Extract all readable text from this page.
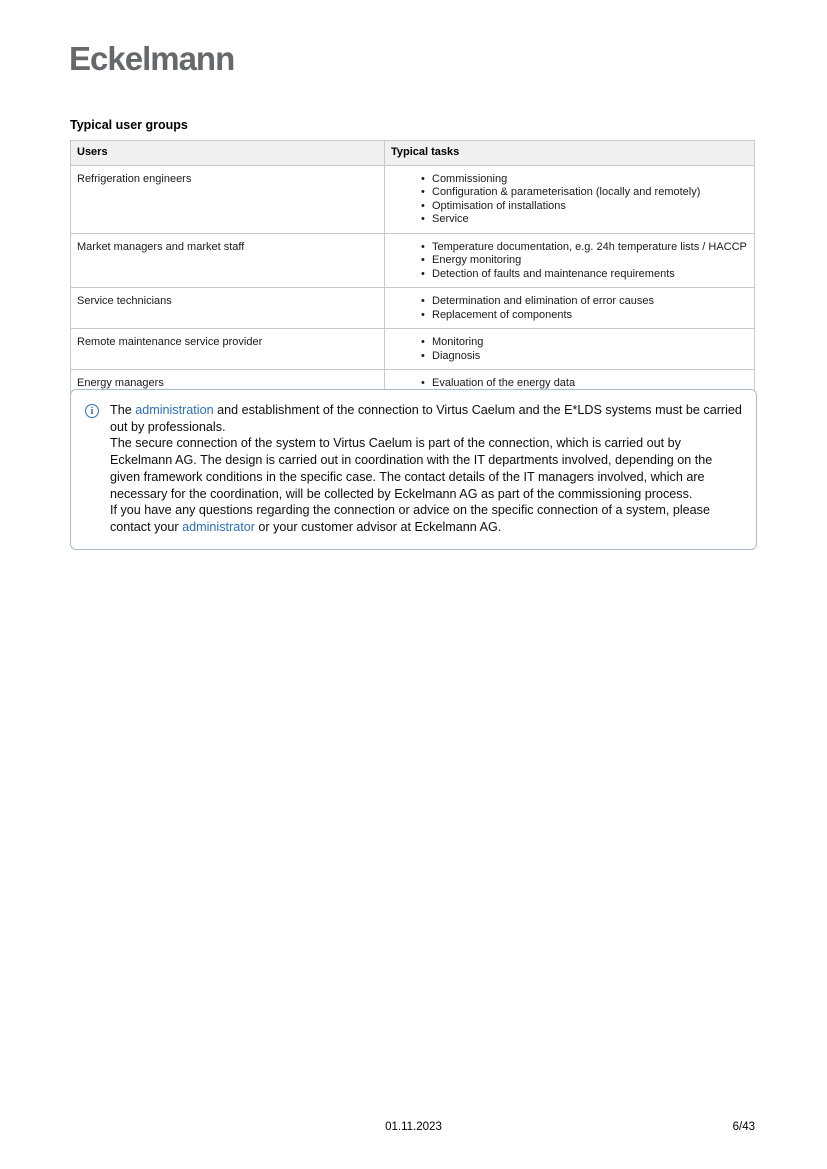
Eckelmann
Typical user groups
Users	Typical tasks
Refrigeration engineers	
•Commissioning
• Configuration & parameterisation (locally and remotely)
• Optimisation of installations
• Service

Market managers and market staff	
•Temperature documentation, e.g. 24h temperature lists / HACCP
• Energy monitoring
• Detection of faults and maintenance requirements

Service technicians	
•Determination and elimination of error causes
• Replacement of components

Remote maintenance service provider	
•Monitoring
• Diagnosis

Energy managers	
•Evaluation of the energy data
i	The administration and establishment of the connection to Virtus Caelum and the E*LDS systems must be carried out by professionals.

The secure connection of the system to Virtus Caelum is part of the connection, which is carried out by Eckelmann AG. The design is carried out in coordination with the IT departments involved, depending on the given framework conditions in the specific case. The contact details of the IT managers involved, which are necessary for the coordination, will be collected by Eckelmann AG as part of the commissioning process.

If you have any questions regarding the connection or advice on the specific connection of a system, please contact your administrator or your customer advisor at Eckelmann AG.

01.11.2023	6/43
